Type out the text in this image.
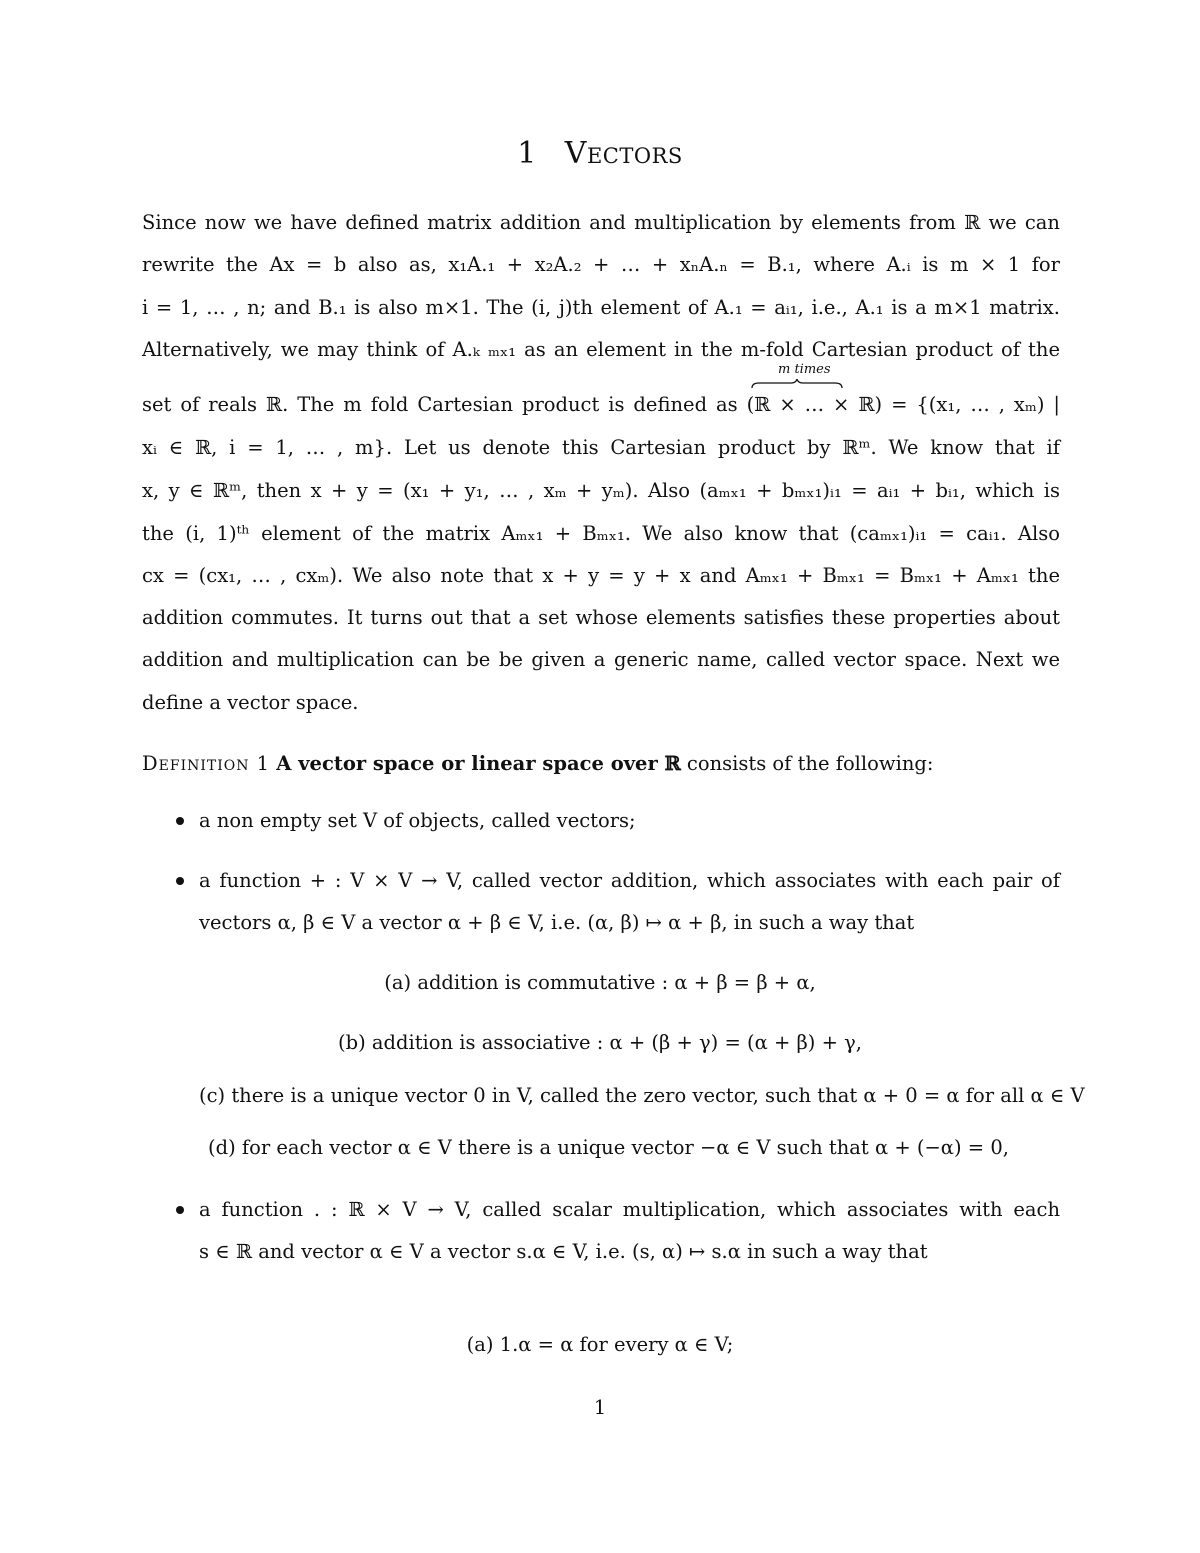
1 Vectors
Since now we have defined matrix addition and multiplication by elements from ℝ we can
rewrite the Ax = b also as, x₁A.₁ + x₂A.₂ + … + xₙA.ₙ = B.₁, where A.ᵢ is m × 1 for
i = 1, … , n; and B.₁ is also m×1. The (i, j)th element of A.₁ = aᵢ₁, i.e., A.₁ is a m×1 matrix.
Alternatively, we may think of A.ₖ ₘₓ₁ as an element in the m-fold Cartesian product of the
m times
set of reals ℝ. The m fold Cartesian product is defined as (ℝ × … × ℝ) = {(x₁, … , xₘ) |
xᵢ ∈ ℝ, i = 1, … , m}. Let us denote this Cartesian product by ℝᵐ. We know that if
x, y ∈ ℝᵐ, then x + y = (x₁ + y₁, … , xₘ + yₘ). Also (aₘₓ₁ + bₘₓ₁)ᵢ₁ = aᵢ₁ + bᵢ₁, which is
the (i, 1)ᵗʰ element of the matrix Aₘₓ₁ + Bₘₓ₁. We also know that (caₘₓ₁)ᵢ₁ = caᵢ₁. Also
cx = (cx₁, … , cxₘ). We also note that x + y = y + x and Aₘₓ₁ + Bₘₓ₁ = Bₘₓ₁ + Aₘₓ₁ the
addition commutes. It turns out that a set whose elements satisfies these properties about
addition and multiplication can be be given a generic name, called vector space. Next we
define a vector space.
Definition 1 A vector space or linear space over ℝ consists of the following:
a non empty set V of objects, called vectors;
a function + : V × V → V, called vector addition, which associates with each pair of
vectors α, β ∈ V a vector α + β ∈ V, i.e. (α, β) ↦ α + β, in such a way that
(a) addition is commutative : α + β = β + α,
(b) addition is associative : α + (β + γ) = (α + β) + γ,
(c) there is a unique vector 0 in V, called the zero vector, such that α + 0 = α for all α ∈ V
(d) for each vector α ∈ V there is a unique vector −α ∈ V such that α + (−α) = 0,
a function . : ℝ × V → V, called scalar multiplication, which associates with each
s ∈ ℝ and vector α ∈ V a vector s.α ∈ V, i.e. (s, α) ↦ s.α in such a way that
(a) 1.α = α for every α ∈ V;
1
